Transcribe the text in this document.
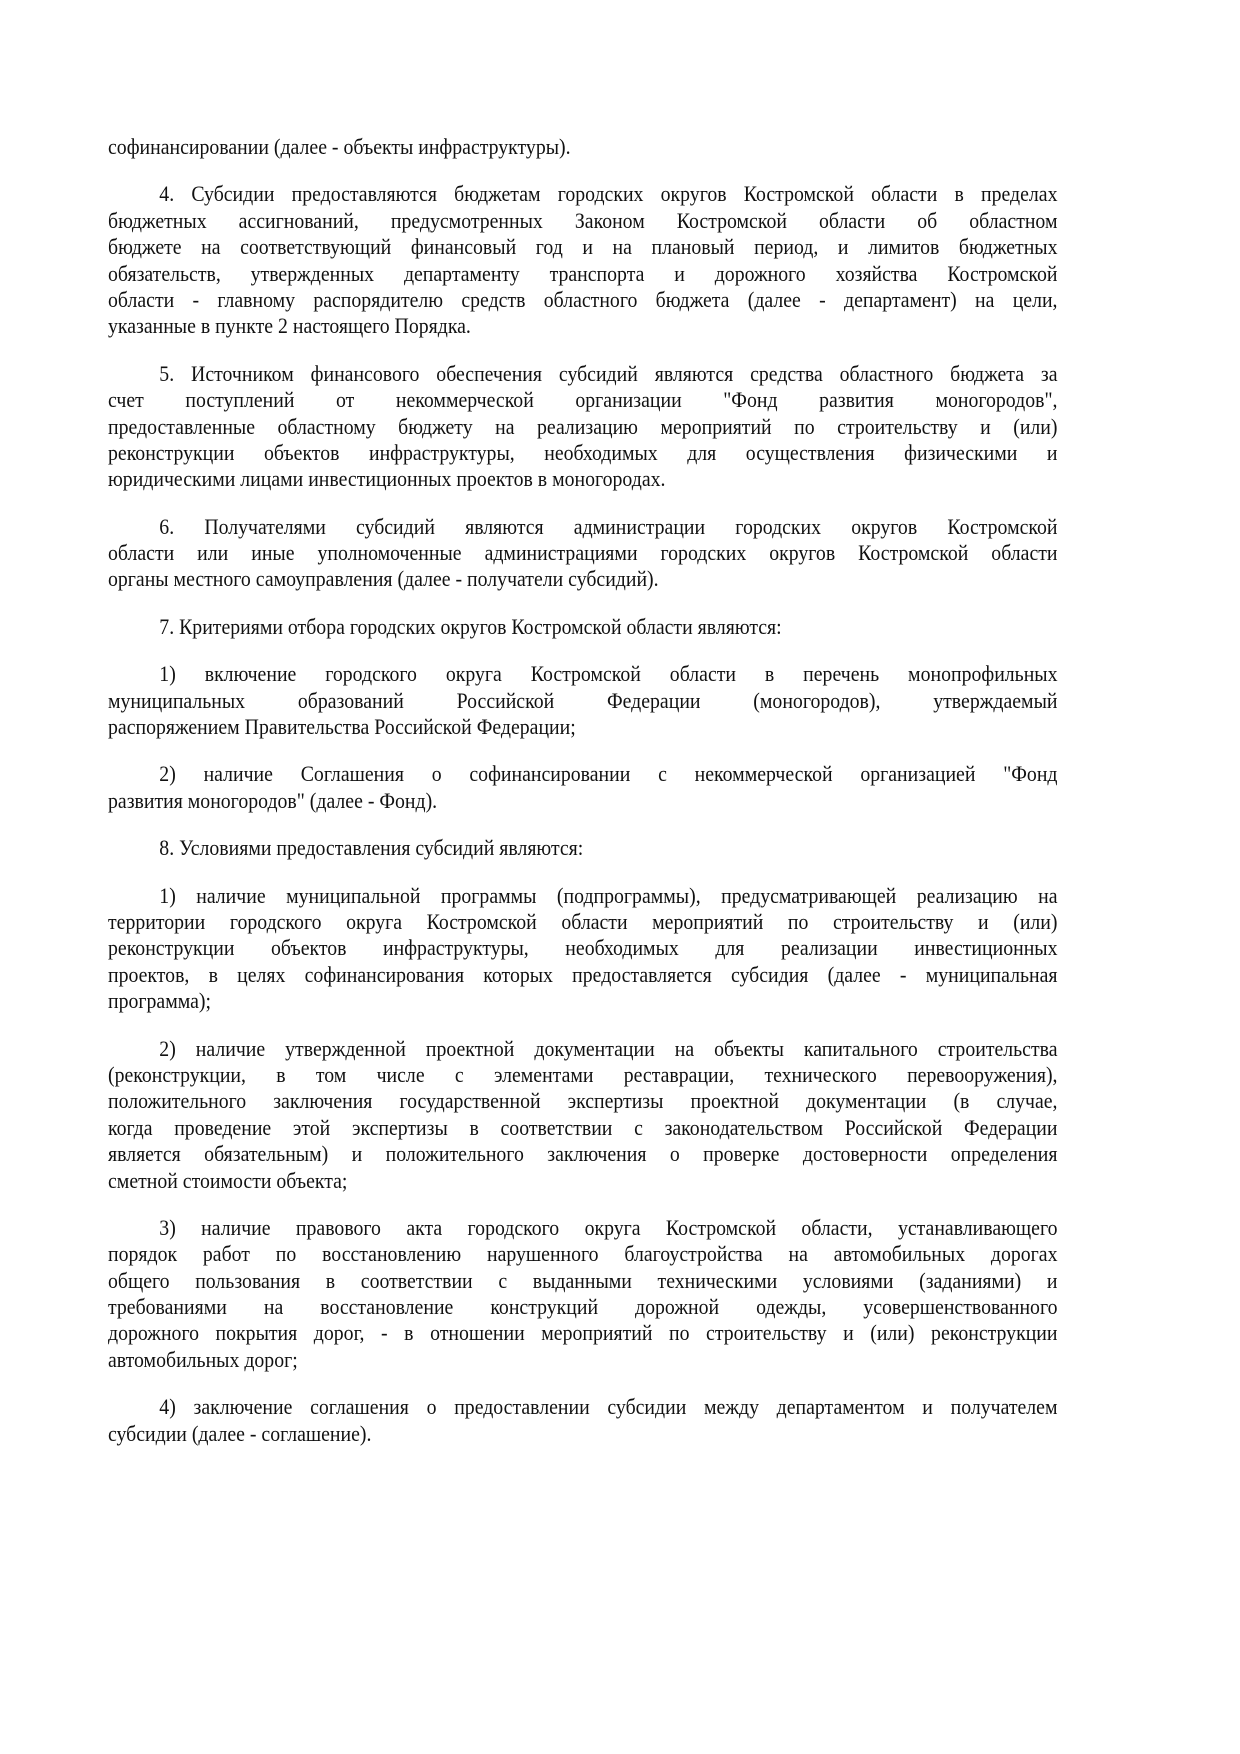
софинансировании (далее - объекты инфраструктуры).
4. Субсидии предоставляются бюджетам городских округов Костромской области в пределах
бюджетных ассигнований, предусмотренных Законом Костромской области об областном
бюджете на соответствующий финансовый год и на плановый период, и лимитов бюджетных
обязательств, утвержденных департаменту транспорта и дорожного хозяйства Костромской
области - главному распорядителю средств областного бюджета (далее - департамент) на цели,
указанные в пункте 2 настоящего Порядка.
5. Источником финансового обеспечения субсидий являются средства областного бюджета за
счет поступлений от некоммерческой организации "Фонд развития моногородов",
предоставленные областному бюджету на реализацию мероприятий по строительству и (или)
реконструкции объектов инфраструктуры, необходимых для осуществления физическими и
юридическими лицами инвестиционных проектов в моногородах.
6. Получателями субсидий являются администрации городских округов Костромской
области или иные уполномоченные администрациями городских округов Костромской области
органы местного самоуправления (далее - получатели субсидий).
7. Критериями отбора городских округов Костромской области являются:
1) включение городского округа Костромской области в перечень монопрофильных
муниципальных образований Российской Федерации (моногородов), утверждаемый
распоряжением Правительства Российской Федерации;
2) наличие Соглашения о софинансировании с некоммерческой организацией "Фонд
развития моногородов" (далее - Фонд).
8. Условиями предоставления субсидий являются:
1) наличие муниципальной программы (подпрограммы), предусматривающей реализацию на
территории городского округа Костромской области мероприятий по строительству и (или)
реконструкции объектов инфраструктуры, необходимых для реализации инвестиционных
проектов, в целях софинансирования которых предоставляется субсидия (далее - муниципальная
программа);
2) наличие утвержденной проектной документации на объекты капитального строительства
(реконструкции, в том числе с элементами реставрации, технического перевооружения),
положительного заключения государственной экспертизы проектной документации (в случае,
когда проведение этой экспертизы в соответствии с законодательством Российской Федерации
является обязательным) и положительного заключения о проверке достоверности определения
сметной стоимости объекта;
3) наличие правового акта городского округа Костромской области, устанавливающего
порядок работ по восстановлению нарушенного благоустройства на автомобильных дорогах
общего пользования в соответствии с выданными техническими условиями (заданиями) и
требованиями на восстановление конструкций дорожной одежды, усовершенствованного
дорожного покрытия дорог, - в отношении мероприятий по строительству и (или) реконструкции
автомобильных дорог;
4) заключение соглашения о предоставлении субсидии между департаментом и получателем
субсидии (далее - соглашение).
